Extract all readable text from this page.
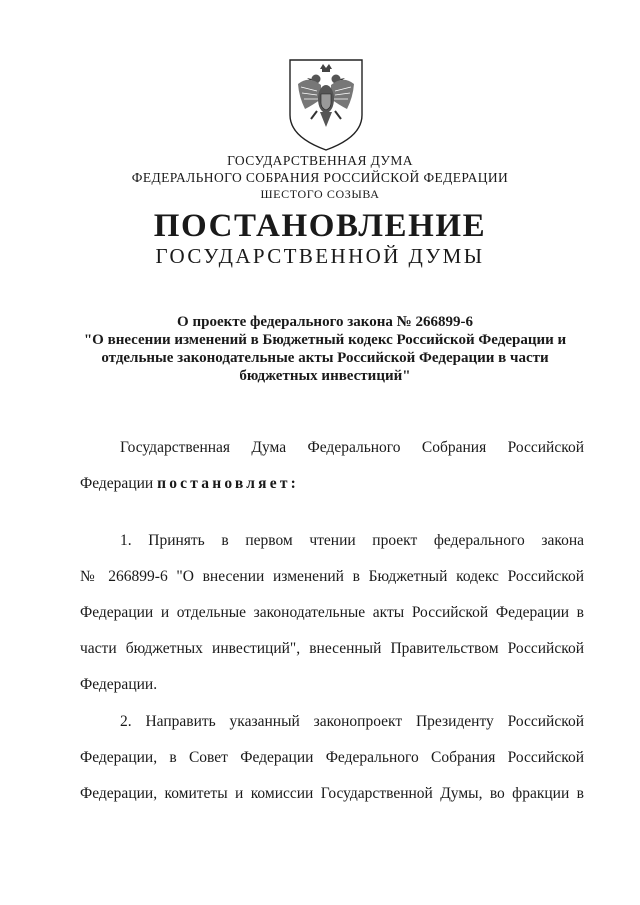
ГОСУДАРСТВЕННАЯ ДУМА
ФЕДЕРАЛЬНОГО СОБРАНИЯ РОССИЙСКОЙ ФЕДЕРАЦИИ
ШЕСТОГО СОЗЫВА
ПОСТАНОВЛЕНИЕ
ГОСУДАРСТВЕННОЙ ДУМЫ
О проекте федерального закона № 266899-6
"О внесении изменений в Бюджетный кодекс Российской Федерации и
отдельные законодательные акты Российской Федерации в части
бюджетных инвестиций"
Государственная Дума Федерального Собрания Российской
Федерации постановляет:
1. Принять в первом чтении проект федерального закона
№ 266899-6 "О внесении изменений в Бюджетный кодекс Российской
Федерации и отдельные законодательные акты Российской Федерации в
части бюджетных инвестиций", внесенный Правительством Российской
Федерации.
2. Направить указанный законопроект Президенту Российской
Федерации, в Совет Федерации Федерального Собрания Российской
Федерации, комитеты и комиссии Государственной Думы, во фракции в
